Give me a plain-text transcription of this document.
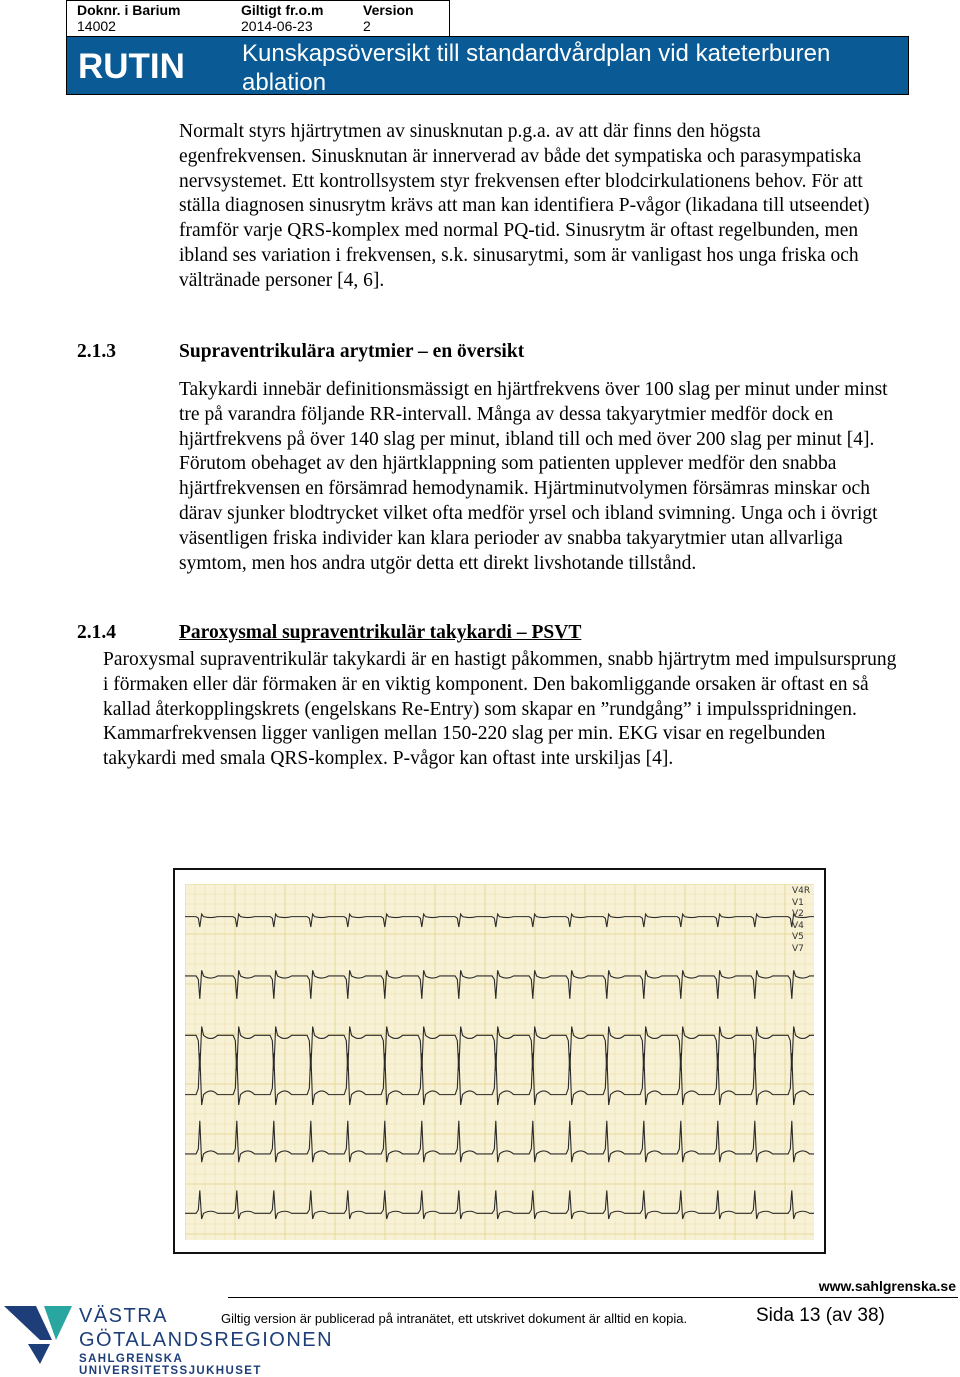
Doknr. i Barium
14002
Giltigt fr.o.m
2014-06-23
Version
2
RUTIN Kunskapsöversikt till standardvårdplan vid kateterburen ablation

Normalt styrs hjärtrytmen av sinusknutan p.g.a. av att där finns den högsta egenfrekvensen. Sinusknutan är innerverad av både det sympatiska och parasympatiska nervsystemet. Ett kontrollsystem styr frekvensen efter blodcirkulationens behov. För att ställa diagnosen sinusrytm krävs att man kan identifiera P-vågor (likadana till utseendet) framför varje QRS-komplex med normal PQ-tid. Sinusrytm är oftast regelbunden, men ibland ses variation i frekvensen, s.k. sinusarytmi, som är vanligast hos unga friska och vältränade personer [4, 6].

2.1.3	Supraventrikulära arytmier – en översikt

Takykardi innebär definitionsmässigt en hjärtfrekvens över 100 slag per minut under minst tre på varandra följande RR-intervall. Många av dessa takyarytmier medför dock en hjärtfrekvens på över 140 slag per minut, ibland till och med över 200 slag per minut [4]. Förutom obehaget av den hjärtklappning som patienten upplever medför den snabba hjärtfrekvensen en försämrad hemodynamik. Hjärtminutvolymen försämras minskar och därav sjunker blodtrycket vilket ofta medför yrsel och ibland svimning. Unga och i övrigt väsentligen friska individer kan klara perioder av snabba takyarytmier utan allvarliga symtom, men hos andra utgör detta ett direkt livshotande tillstånd.

2.1.4	Paroxysmal supraventrikulär takykardi – PSVT

Paroxysmal supraventrikulär takykardi är en hastigt påkommen, snabb hjärtrytm med impulsursprung i förmaken eller där förmaken är en viktig komponent. Den bakomliggande orsaken är oftast en så kallad återkopplingskrets (engelskans Re-Entry) som skapar en ”rundgång” i impulsspridningen. Kammarfrekvensen ligger vanligen mellan 150-220 slag per min. EKG visar en regelbunden takykardi med smala QRS-komplex. P-vågor kan oftast inte urskiljas [4].

V4R
V1
V2
V4
V5
V7
www.sahlgrenska.se
Giltig version är publicerad på intranätet, ett utskrivet dokument är alltid en kopia.	Sida 13 (av 38)
VÄSTRA
GÖTALANDSREGIONEN
SAHLGRENSKA UNIVERSITETSSJUKHUSET
